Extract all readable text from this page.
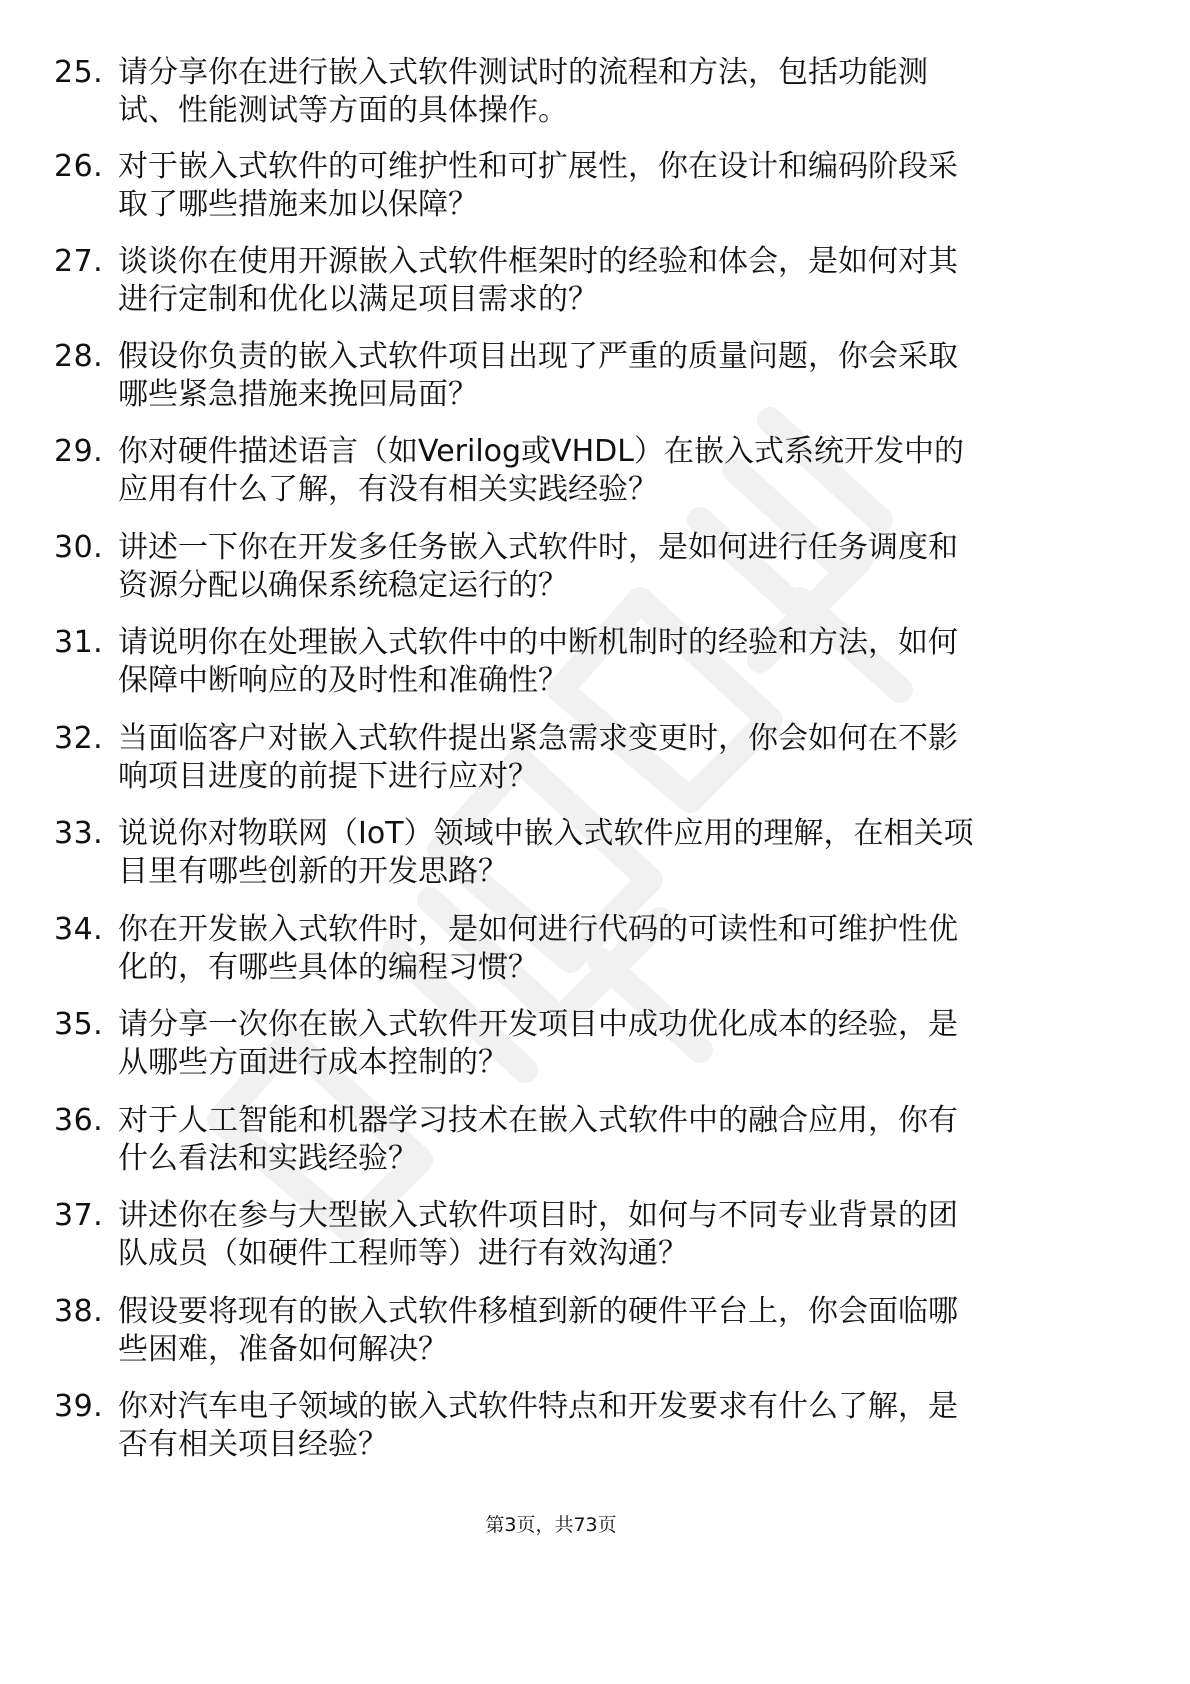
25. 请分享你在进行嵌入式软件测试时的流程和方法，包括功能测
试、性能测试等方面的具体操作。
26. 对于嵌入式软件的可维护性和可扩展性，你在设计和编码阶段采
取了哪些措施来加以保障？
27. 谈谈你在使用开源嵌入式软件框架时的经验和体会，是如何对其
进行定制和优化以满足项目需求的？
28. 假设你负责的嵌入式软件项目出现了严重的质量问题，你会采取
哪些紧急措施来挽回局面？
29. 你对硬件描述语言（如Verilog或VHDL）在嵌入式系统开发中的
应用有什么了解，有没有相关实践经验？
30. 讲述一下你在开发多任务嵌入式软件时，是如何进行任务调度和
资源分配以确保系统稳定运行的？
31. 请说明你在处理嵌入式软件中的中断机制时的经验和方法，如何
保障中断响应的及时性和准确性？
32. 当面临客户对嵌入式软件提出紧急需求变更时，你会如何在不影
响项目进度的前提下进行应对？
33. 说说你对物联网（IoT）领域中嵌入式软件应用的理解，在相关项
目里有哪些创新的开发思路？
34. 你在开发嵌入式软件时，是如何进行代码的可读性和可维护性优
化的，有哪些具体的编程习惯？
35. 请分享一次你在嵌入式软件开发项目中成功优化成本的经验，是
从哪些方面进行成本控制的？
36. 对于人工智能和机器学习技术在嵌入式软件中的融合应用，你有
什么看法和实践经验？
37. 讲述你在参与大型嵌入式软件项目时，如何与不同专业背景的团
队成员（如硬件工程师等）进行有效沟通？
38. 假设要将现有的嵌入式软件移植到新的硬件平台上，你会面临哪
些困难，准备如何解决？
39. 你对汽车电子领域的嵌入式软件特点和开发要求有什么了解，是
否有相关项目经验？
第3页，共73页
